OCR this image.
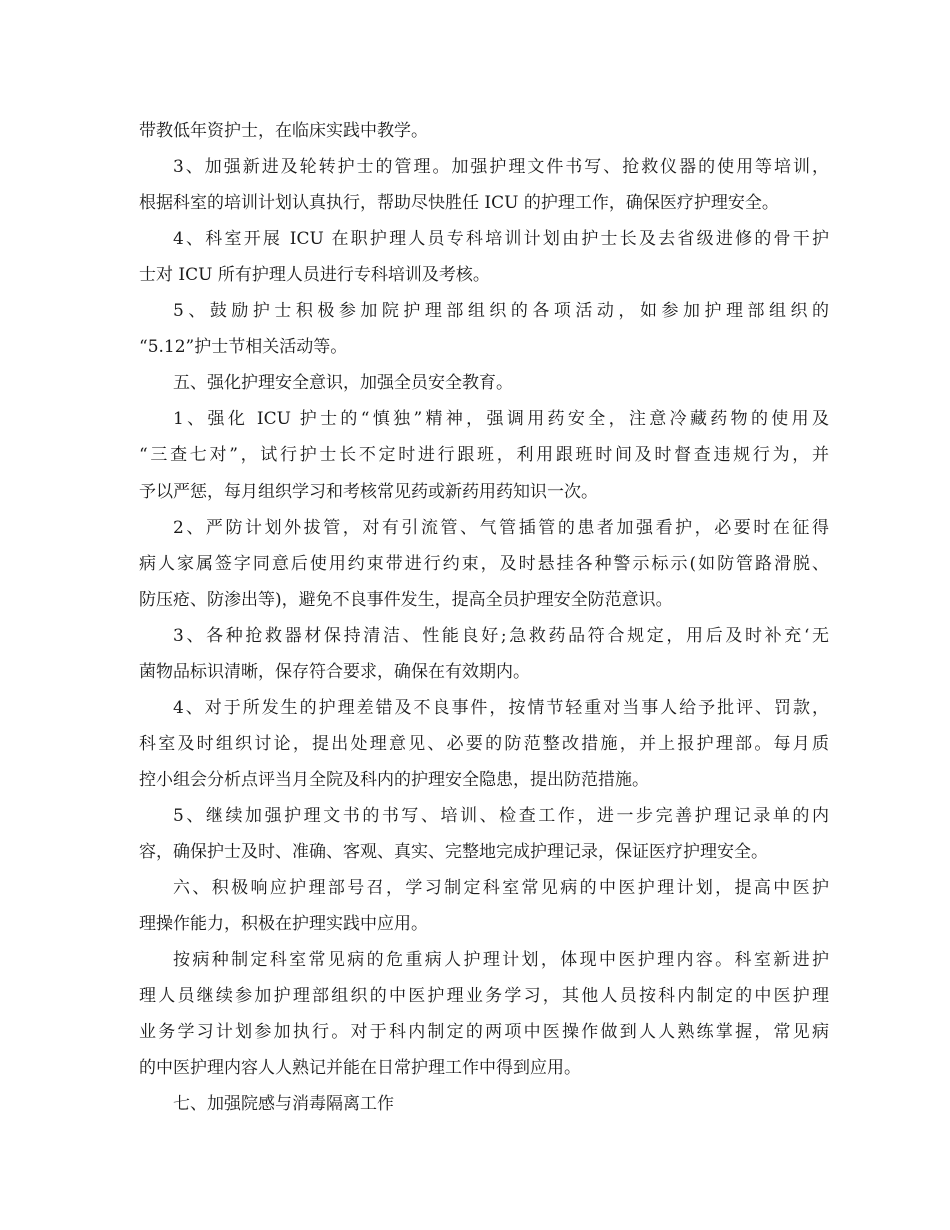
带教低年资护士，在临床实践中教学。
3、加强新进及轮转护士的管理。加强护理文件书写、抢救仪器的使用等培训，
根据科室的培训计划认真执行，帮助尽快胜任 ICU 的护理工作，确保医疗护理安全。
4、科室开展 ICU 在职护理人员专科培训计划由护士长及去省级进修的骨干护
士对 ICU 所有护理人员进行专科培训及考核。
5、鼓励护士积极参加院护理部组织的各项活动，如参加护理部组织的
“5.12”护士节相关活动等。
五、强化护理安全意识，加强全员安全教育。
1、强化 ICU 护士的“慎独”精神，强调用药安全，注意冷藏药物的使用及
“三查七对”，试行护士长不定时进行跟班，利用跟班时间及时督查违规行为，并
予以严惩，每月组织学习和考核常见药或新药用药知识一次。
2、严防计划外拔管，对有引流管、气管插管的患者加强看护，必要时在征得
病人家属签字同意后使用约束带进行约束，及时悬挂各种警示标示(如防管路滑脱、
防压疮、防渗出等)，避免不良事件发生，提高全员护理安全防范意识。
3、各种抢救器材保持清洁、性能良好;急救药品符合规定，用后及时补充‘无
菌物品标识清晰，保存符合要求，确保在有效期内。
4、对于所发生的护理差错及不良事件，按情节轻重对当事人给予批评、罚款，
科室及时组织讨论，提出处理意见、必要的防范整改措施，并上报护理部。每月质
控小组会分析点评当月全院及科内的护理安全隐患，提出防范措施。
5、继续加强护理文书的书写、培训、检查工作，进一步完善护理记录单的内
容，确保护士及时、准确、客观、真实、完整地完成护理记录，保证医疗护理安全。
六、积极响应护理部号召，学习制定科室常见病的中医护理计划，提高中医护
理操作能力，积极在护理实践中应用。
按病种制定科室常见病的危重病人护理计划，体现中医护理内容。科室新进护
理人员继续参加护理部组织的中医护理业务学习，其他人员按科内制定的中医护理
业务学习计划参加执行。对于科内制定的两项中医操作做到人人熟练掌握，常见病
的中医护理内容人人熟记并能在日常护理工作中得到应用。
七、加强院感与消毒隔离工作
